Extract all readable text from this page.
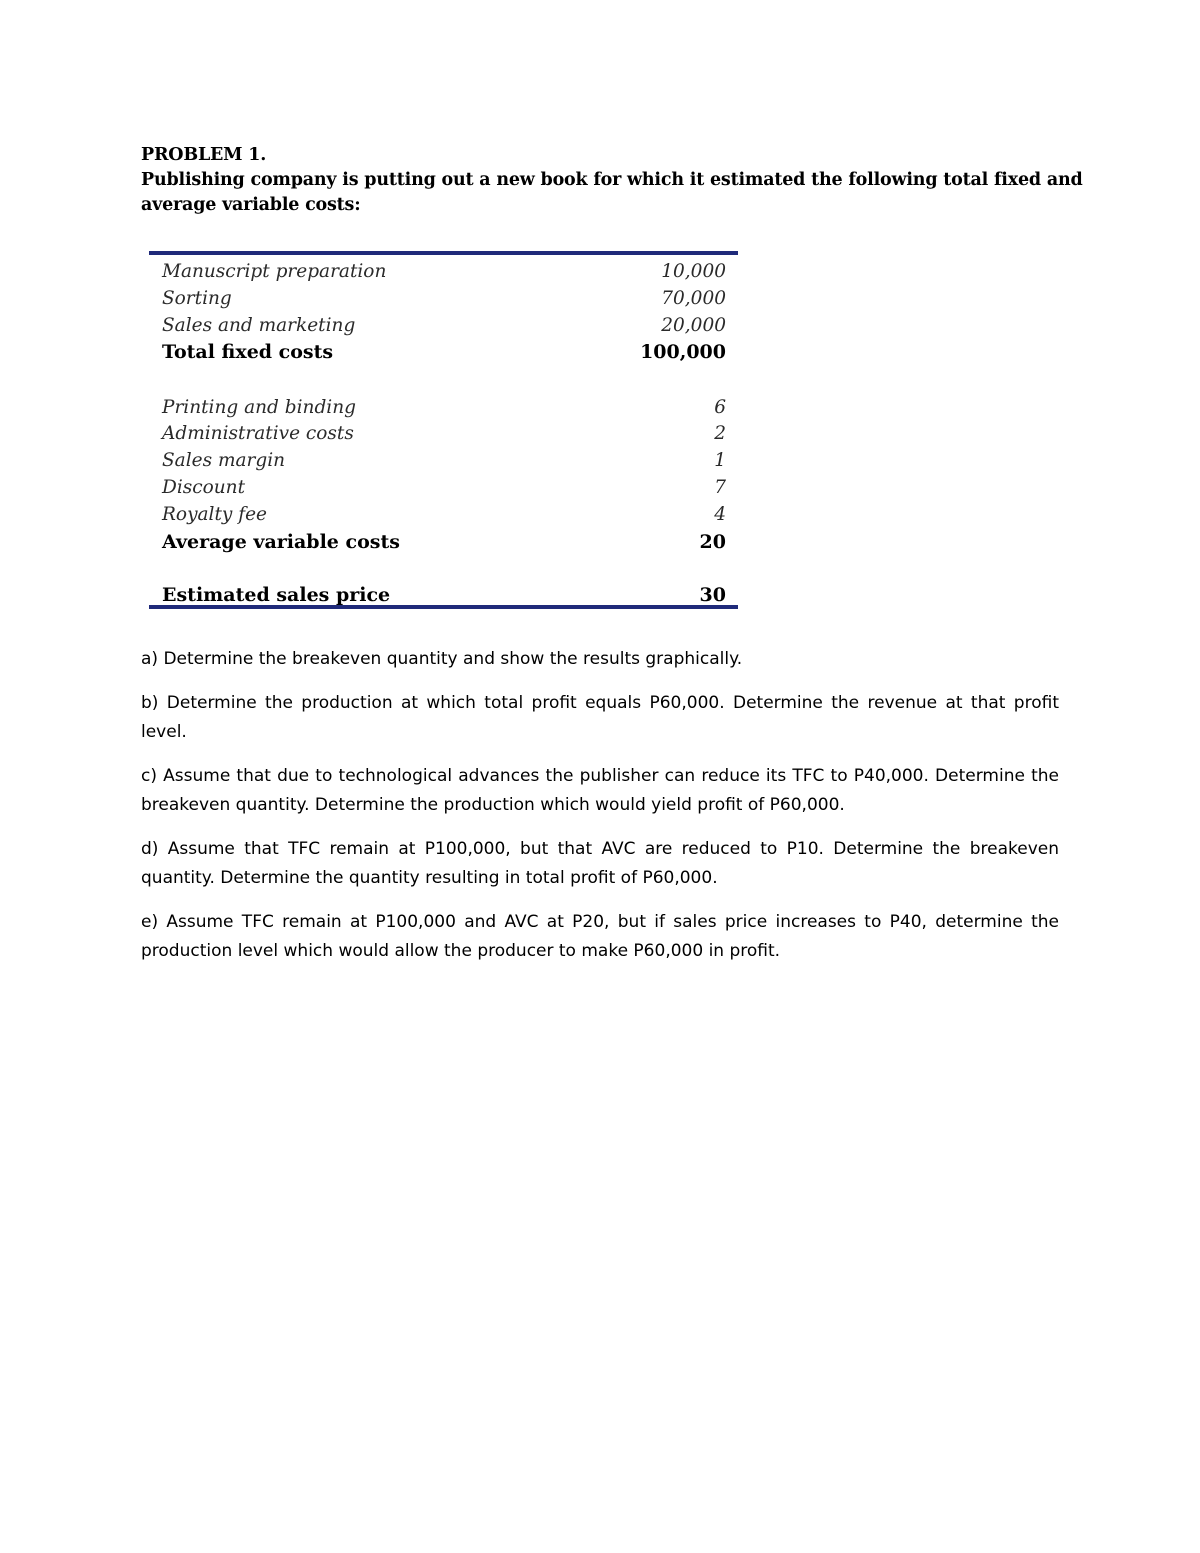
PROBLEM 1.
Publishing company is putting out a new book for which it estimated the following total fixed and
average variable costs:
Manuscript preparation	10,000
Sorting	70,000
Sales and marketing	20,000
Total fixed costs	100,000
Printing and binding	6
Administrative costs	2
Sales margin	1
Discount	7
Royalty fee	4
Average variable costs	20
Estimated sales price	30

a) Determine the breakeven quantity and show the results graphically.

b) Determine the production at which total profit equals P60,000. Determine the revenue at that profit level.

c) Assume that due to technological advances the publisher can reduce its TFC to P40,000. Determine the breakeven quantity. Determine the production which would yield profit of P60,000.

d) Assume that TFC remain at P100,000, but that AVC are reduced to P10. Determine the breakeven quantity. Determine the quantity resulting in total profit of P60,000.

e) Assume TFC remain at P100,000 and AVC at P20, but if sales price increases to P40, determine the production level which would allow the producer to make P60,000 in profit.
